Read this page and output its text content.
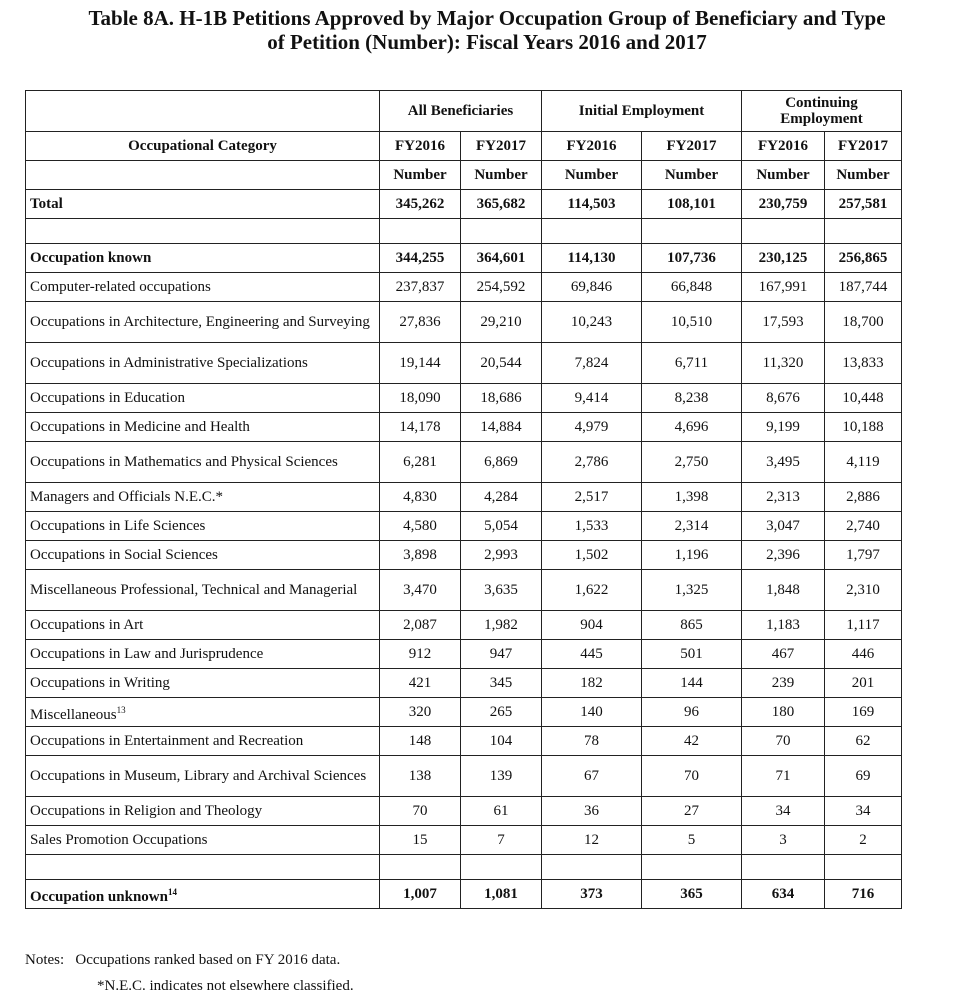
Table 8A. H-1B Petitions Approved by Major Occupation Group of Beneficiary and Type
of Petition (Number): Fiscal Years 2016 and 2017
	All Beneficiaries		Initial Employment		Continuing Employment	
Occupational Category	FY2016	FY2017	FY2016	FY2017	FY2016	FY2017
	Number	Number	Number	Number	Number	Number
Total	345,262	365,682	114,503	108,101	230,759	257,581

Occupation known	344,255	364,601	114,130	107,736	230,125	256,865
Computer-related occupations	237,837	254,592	69,846	66,848	167,991	187,744
Occupations in Architecture, Engineering and Surveying	27,836	29,210	10,243	10,510	17,593	18,700
Occupations in Administrative Specializations	19,144	20,544	7,824	6,711	11,320	13,833
Occupations in Education	18,090	18,686	9,414	8,238	8,676	10,448
Occupations in Medicine and Health	14,178	14,884	4,979	4,696	9,199	10,188
Occupations in Mathematics and Physical Sciences	6,281	6,869	2,786	2,750	3,495	4,119
Managers and Officials N.E.C.*	4,830	4,284	2,517	1,398	2,313	2,886
Occupations in Life Sciences	4,580	5,054	1,533	2,314	3,047	2,740
Occupations in Social Sciences	3,898	2,993	1,502	1,196	2,396	1,797
Miscellaneous Professional, Technical and Managerial	3,470	3,635	1,622	1,325	1,848	2,310
Occupations in Art	2,087	1,982	904	865	1,183	1,117
Occupations in Law and Jurisprudence	912	947	445	501	467	446
Occupations in Writing	421	345	182	144	239	201
Miscellaneous$^{13}$	320	265	140	96	180	169
Occupations in Entertainment and Recreation	148	104	78	42	70	62
Occupations in Museum, Library and Archival Sciences	138	139	67	70	71	69
Occupations in Religion and Theology	70	61	36	27	34	34
Sales Promotion Occupations	15	7	12	5	3	2

Occupation unknown$^{14}$	1,007	1,081	373	365	634	716
Notes:   Occupations ranked based on FY 2016 data.
*N.E.C. indicates not elsewhere classified.
